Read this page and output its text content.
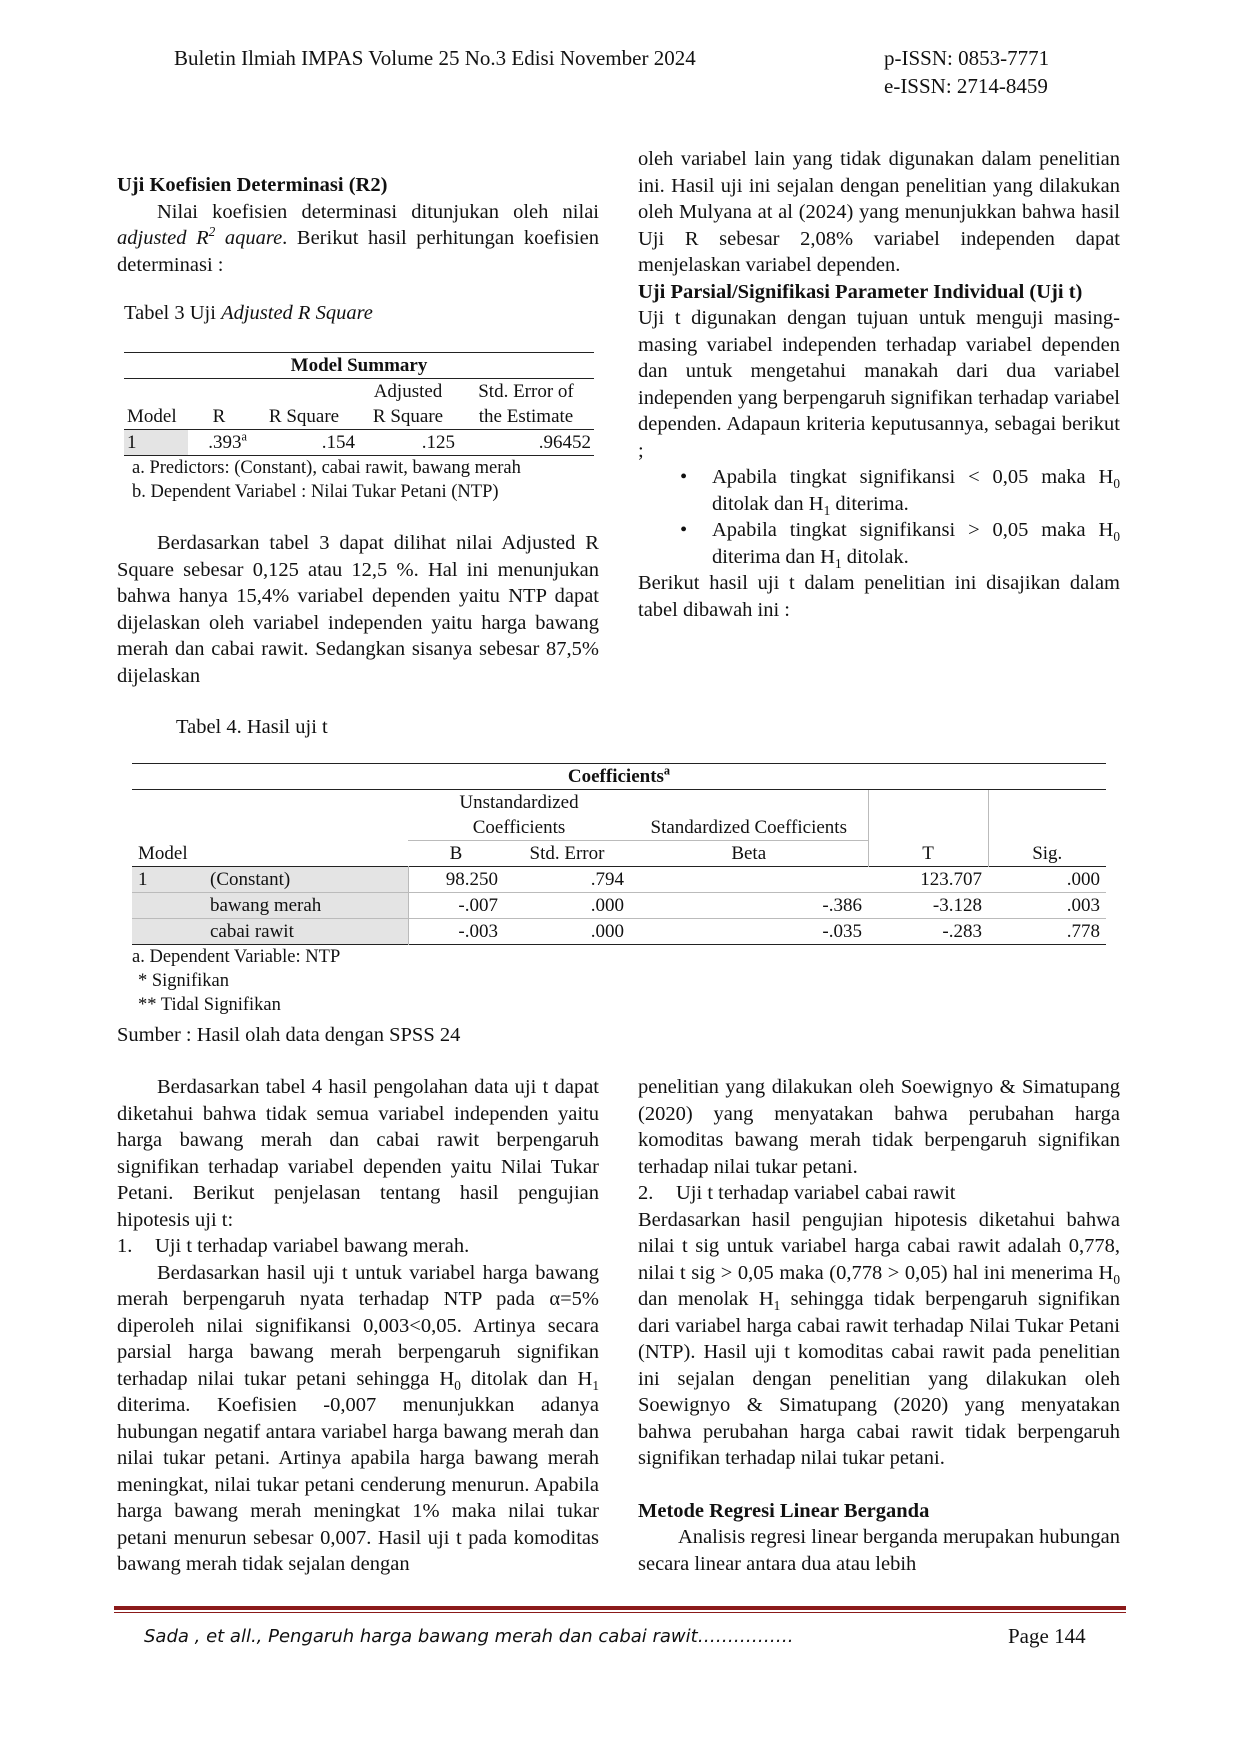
Buletin Ilmiah IMPAS Volume 25 No.3 Edisi November 2024	p-ISSN: 0853-7771
e-ISSN: 2714-8459

Uji Koefisien Determinasi (R2)

Nilai koefisien determinasi ditunjukan oleh nilai adjusted $R^2$ aquare. Berikut hasil perhitungan koefisien determinasi :

Tabel 3 Uji Adjusted R Square
Model Summary
Model	R	R Square	Adjusted	Std. Error of
			R Square	the Estimate
1	.393$^a$	.154	.125	.96452
a. Predictors: (Constant), cabai rawit, bawang merah
b. Dependent Variabel : Nilai Tukar Petani (NTP)

Berdasarkan tabel 3 dapat dilihat nilai Adjusted R Square sebesar 0,125 atau 12,5 %. Hal ini menunjukan bahwa hanya 15,4% variabel dependen yaitu NTP dapat dijelaskan oleh variabel independen yaitu harga bawang merah dan cabai rawit. Sedangkan sisanya sebesar 87,5% dijelaskan

oleh variabel lain yang tidak digunakan dalam penelitian ini. Hasil uji ini sejalan dengan penelitian yang dilakukan oleh Mulyana at al (2024) yang menunjukkan bahwa hasil Uji R sebesar 2,08% variabel independen dapat menjelaskan variabel dependen.

Uji Parsial/Signifikasi Parameter Individual (Uji t)

Uji t digunakan dengan tujuan untuk menguji masing-masing variabel independen terhadap variabel dependen dan untuk mengetahui manakah dari dua variabel independen yang berpengaruh signifikan terhadap variabel dependen. Adapaun kriteria keputusannya, sebagai berikut ;

• Apabila tingkat signifikansi < 0,05 maka $H_0$ ditolak dan $H_1$ diterima.
• Apabila tingkat signifikansi > 0,05 maka $H_0$ diterima dan $H_1$ ditolak.

Berikut hasil uji t dalam penelitian ini disajikan dalam tabel dibawah ini :

Tabel 4. Hasil uji t
Coefficients$^a$
Model		Unstandardized		Standardized Coefficients	T	Sig.
		Coefficients				
		B	Std. Error	Beta		
1	(Constant)	98.250	.794		123.707	.000
	bawang merah	-.007	.000	-.386	-3.128	.003
	cabai rawit	-.003	.000	-.035	-.283	.778
a. Dependent Variable: NTP
* Signifikan
** Tidal Signifikan
Sumber : Hasil olah data dengan SPSS 24

Berdasarkan tabel 4 hasil pengolahan data uji t dapat diketahui bahwa tidak semua variabel independen yaitu harga bawang merah dan cabai rawit berpengaruh signifikan terhadap variabel dependen yaitu Nilai Tukar Petani. Berikut penjelasan tentang hasil pengujian hipotesis uji t:

1. Uji t terhadap variabel bawang merah.

Berdasarkan hasil uji t untuk variabel harga bawang merah berpengaruh nyata terhadap NTP pada α=5% diperoleh nilai signifikansi 0,003<0,05. Artinya secara parsial harga bawang merah berpengaruh signifikan terhadap nilai tukar petani sehingga $H_0$ ditolak dan $H_1$ diterima. Koefisien -0,007 menunjukkan adanya hubungan negatif antara variabel harga bawang merah dan nilai tukar petani. Artinya apabila harga bawang merah meningkat, nilai tukar petani cenderung menurun. Apabila harga bawang merah meningkat 1% maka nilai tukar petani menurun sebesar 0,007. Hasil uji t pada komoditas bawang merah tidak sejalan dengan

penelitian yang dilakukan oleh Soewignyo & Simatupang (2020) yang menyatakan bahwa perubahan harga komoditas bawang merah tidak berpengaruh signifikan terhadap nilai tukar petani.

2. Uji t terhadap variabel cabai rawit

Berdasarkan hasil pengujian hipotesis diketahui bahwa nilai t sig untuk variabel harga cabai rawit adalah 0,778, nilai t sig > 0,05 maka (0,778 > 0,05) hal ini menerima $H_0$ dan menolak $H_1$ sehingga tidak berpengaruh signifikan dari variabel harga cabai rawit terhadap Nilai Tukar Petani (NTP). Hasil uji t komoditas cabai rawit pada penelitian ini sejalan dengan penelitian yang dilakukan oleh Soewignyo & Simatupang (2020) yang menyatakan bahwa perubahan harga cabai rawit tidak berpengaruh signifikan terhadap nilai tukar petani.

Metode Regresi Linear Berganda

Analisis regresi linear berganda merupakan hubungan secara linear antara dua atau lebih

Sada , et all., Pengaruh harga bawang merah dan cabai rawit…………….	Page 144
